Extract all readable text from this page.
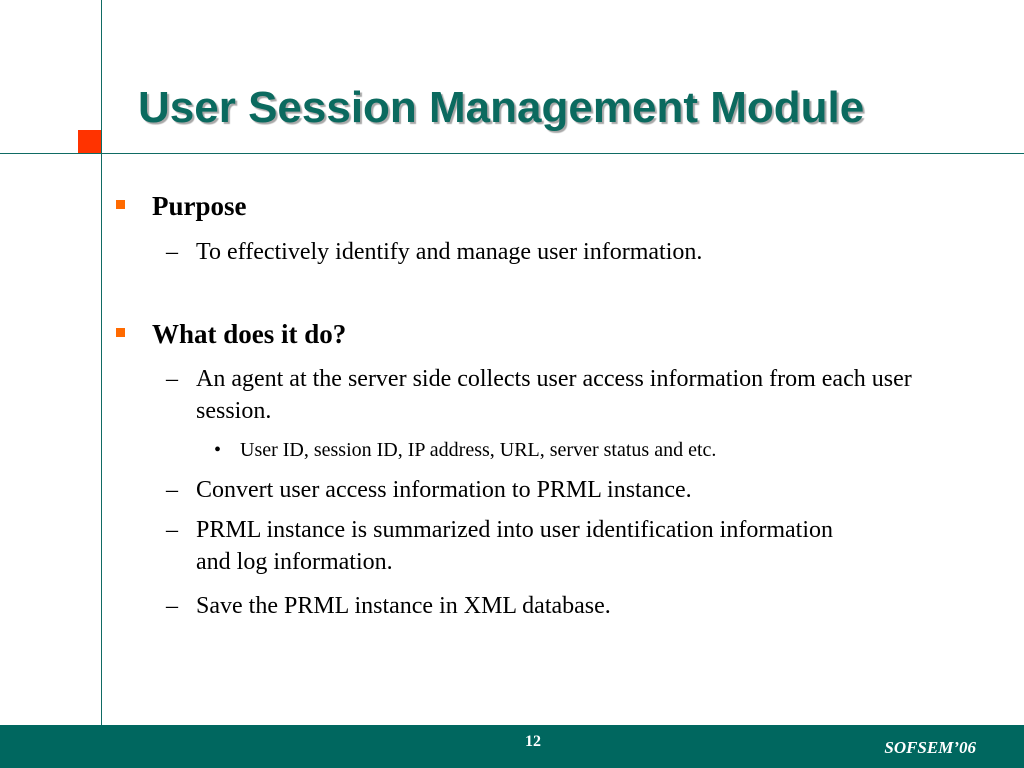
User Session Management Module
Purpose
– To effectively identify and manage user information.
What does it do?
– An agent at the server side collects user access information from each user session.
• User ID, session ID, IP address, URL, server status and etc.
– Convert user access information to PRML instance.
– PRML instance is summarized into user identification information and log information.
– Save the PRML instance in XML database.
12	SOFSEM’06
